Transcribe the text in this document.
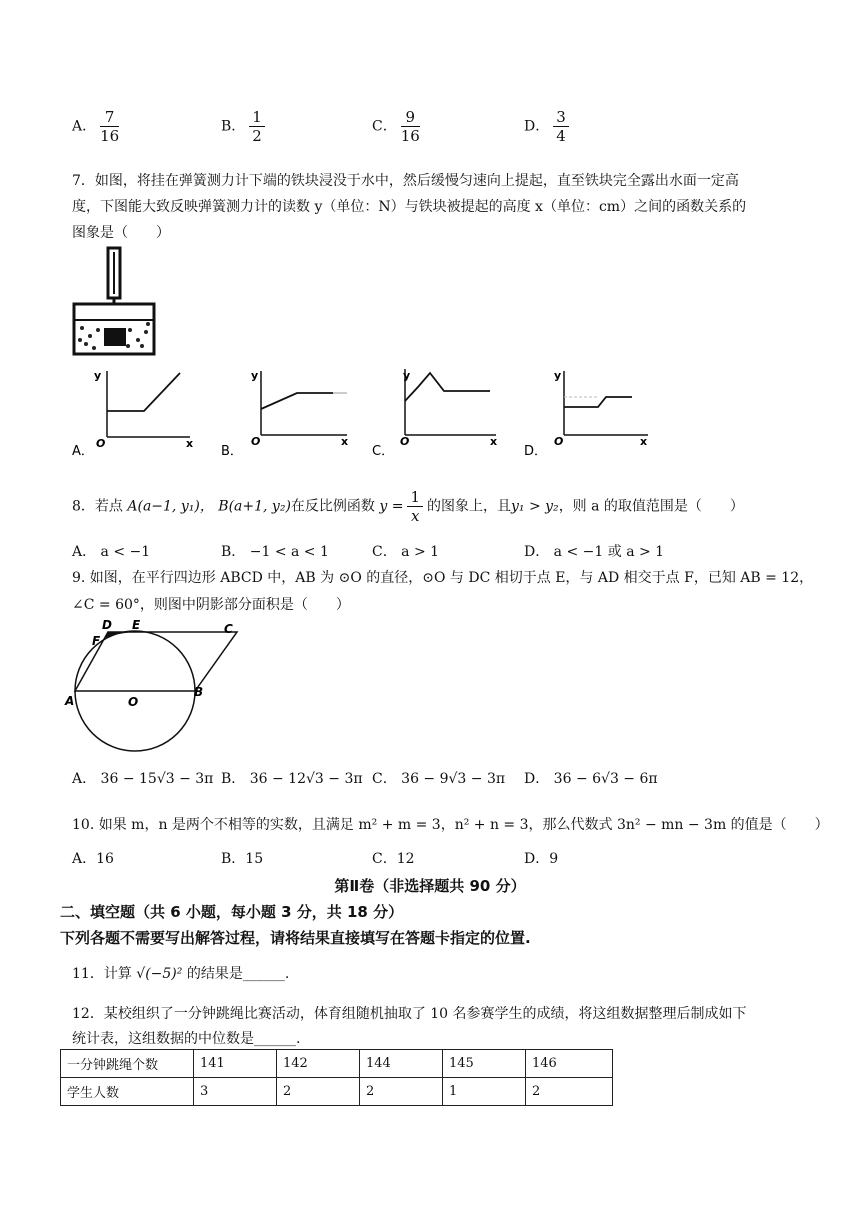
A． $\frac{7}{16}$	B． $\frac{1}{2}$	C． $\frac{9}{16}$	D． $\frac{3}{4}$
7．如图，将挂在弹簧测力计下端的铁块浸没于水中，然后缓慢匀速向上提起，直至铁块完全露出水面一定高
度，下图能大致反映弹簧测力计的读数 y（单位：N）与铁块被提起的高度 x（单位：cm）之间的函数关系的
图象是（　　）
A．
y
O	x
B．
y
O	x
C．
y
O	x
D．
y
O	x
8．若点 A(a−1, y₁)， B(a+1, y₂)在反比例函数 $y = \frac{1}{x}$ 的图象上，且y₁ > y₂，则 a 的取值范围是（　　）
A． a < −1	B． −1 < a < 1	C． a > 1	D． a < −1 或 a > 1
9. 如图，在平行四边形 ABCD 中，AB 为 ⊙O 的直径，⊙O 与 DC 相切于点 E，与 AD 相交于点 F，已知 AB = 12，
∠C = 60°，则图中阴影部分面积是（　　）
D E	C
F
A	O
B
A． 36 − 15√3 − 3π B． 36 − 12√3 − 3π C． 36 − 9√3 − 3π D． 36 − 6√3 − 6π
10. 如果 m，n 是两个不相等的实数，且满足 m² + m = 3，n² + n = 3，那么代数式 3n² − mn − 3m 的值是（　　）
A．16	B．15	C．12	D．9
第Ⅱ卷（非选择题共 90 分）
二、填空题（共 6 小题，每小题 3 分，共 18 分）
下列各题不需要写出解答过程，请将结果直接填写在答题卡指定的位置.
11．计算 √(−5)² 的结果是______.
12．某校组织了一分钟跳绳比赛活动，体育组随机抽取了 10 名参赛学生的成绩，将这组数据整理后制成如下
统计表，这组数据的中位数是______.
一分钟跳绳个数	141	142	144	145	146
学生人数	3	2	2	1	2
